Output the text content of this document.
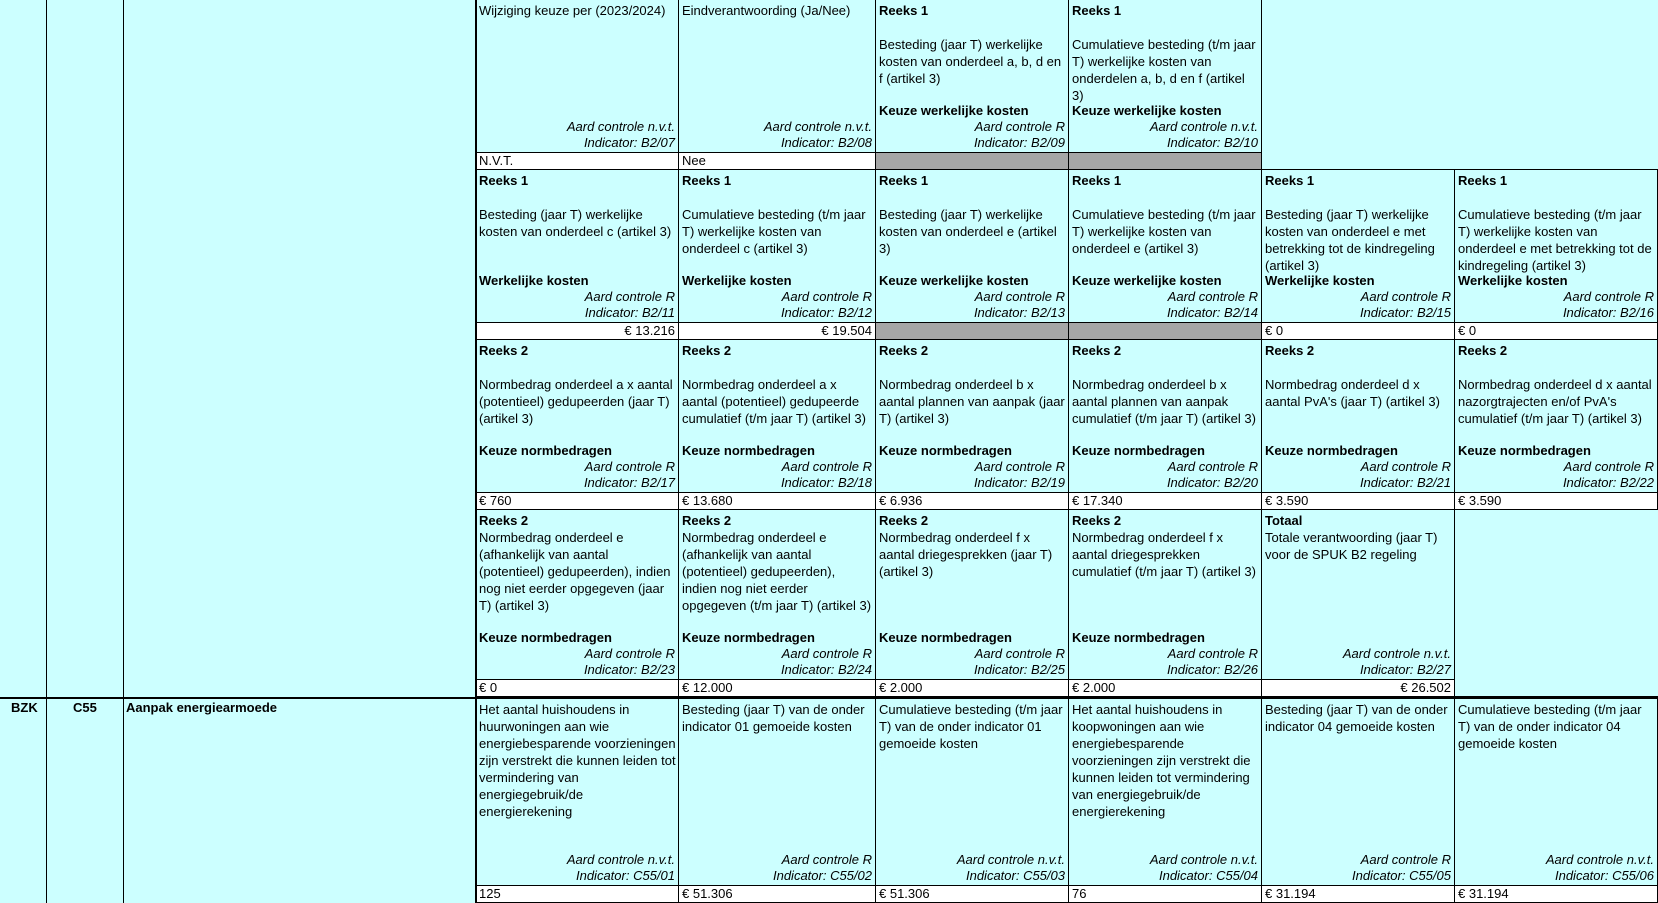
BZK	C55 Aanpak energiearmoede
Wijziging keuze per (2023/2024)
Aard controle n.v.t.
Indicator: B2/07
N.V.T.
Eindverantwoording (Ja/Nee)
Aard controle n.v.t.
Indicator: B2/08
Nee
Reeks 1
Besteding (jaar T) werkelijke kosten van onderdeel a, b, d en f (artikel 3)
Keuze werkelijke kosten
Aard controle R
Indicator: B2/09
Reeks 1
Cumulatieve besteding (t/m jaar T) werkelijke kosten van onderdelen a, b, d en f (artikel 3)
Keuze werkelijke kosten
Aard controle n.v.t.
Indicator: B2/10
Reeks 1
Besteding (jaar T) werkelijke kosten van onderdeel c (artikel 3)
Werkelijke kosten
Aard controle R
Indicator: B2/11
€ 13.216
Reeks 1
Cumulatieve besteding (t/m jaar T) werkelijke kosten van onderdeel c (artikel 3)
Werkelijke kosten
Aard controle R
Indicator: B2/12
€ 19.504
Reeks 1
Besteding (jaar T) werkelijke kosten van onderdeel e (artikel 3)
Keuze werkelijke kosten
Aard controle R
Indicator: B2/13
Reeks 1
Cumulatieve besteding (t/m jaar T) werkelijke kosten van onderdeel e (artikel 3)
Keuze werkelijke kosten
Aard controle R
Indicator: B2/14
Reeks 1
Besteding (jaar T) werkelijke kosten van onderdeel e met betrekking tot de kindregeling (artikel 3)
Werkelijke kosten
Aard controle R
Indicator: B2/15
€ 0
Reeks 1
Cumulatieve besteding (t/m jaar T) werkelijke kosten van onderdeel e met betrekking tot de kindregeling (artikel 3)
Werkelijke kosten
Aard controle R
Indicator: B2/16
€ 0
Reeks 2
Normbedrag onderdeel a x aantal (potentieel) gedupeerden (jaar T) (artikel 3)
Keuze normbedragen
Aard controle R
Indicator: B2/17
€ 760
Reeks 2
Normbedrag onderdeel a x aantal (potentieel) gedupeerde cumulatief (t/m jaar T) (artikel 3)
Keuze normbedragen
Aard controle R
Indicator: B2/18
€ 13.680
Reeks 2
Normbedrag onderdeel b x aantal plannen van aanpak (jaar T) (artikel 3)
Keuze normbedragen
Aard controle R
Indicator: B2/19
€ 6.936
Reeks 2
Normbedrag onderdeel b x aantal plannen van aanpak cumulatief (t/m jaar T) (artikel 3)
Keuze normbedragen
Aard controle R
Indicator: B2/20
€ 17.340
Reeks 2
Normbedrag onderdeel d x aantal PvA's (jaar T) (artikel 3)
Keuze normbedragen
Aard controle R
Indicator: B2/21
€ 3.590
Reeks 2
Normbedrag onderdeel d x aantal nazorgtrajecten en/of PvA's cumulatief (t/m jaar T) (artikel 3)
Keuze normbedragen
Aard controle R
Indicator: B2/22
€ 3.590
Reeks 2
Normbedrag onderdeel e (afhankelijk van aantal (potentieel) gedupeerden), indien nog niet eerder opgegeven (jaar T) (artikel 3)
Keuze normbedragen
Aard controle R
Indicator: B2/23
€ 0
Reeks 2
Normbedrag onderdeel e (afhankelijk van aantal (potentieel) gedupeerden), indien nog niet eerder opgegeven (t/m jaar T) (artikel 3)
Keuze normbedragen
Aard controle R
Indicator: B2/24
€ 12.000
Reeks 2
Normbedrag onderdeel f x aantal driegesprekken (jaar T) (artikel 3)
Keuze normbedragen
Aard controle R
Indicator: B2/25
€ 2.000
Reeks 2
Normbedrag onderdeel f x aantal driegesprekken cumulatief (t/m jaar T) (artikel 3)
Keuze normbedragen
Aard controle R
Indicator: B2/26
€ 2.000
Totaal
Totale verantwoording (jaar T) voor de SPUK B2 regeling
Aard controle n.v.t.
Indicator: B2/27
€ 26.502
Het aantal huishoudens in huurwoningen aan wie energiebesparende voorzieningen zijn verstrekt die kunnen leiden tot vermindering van energiegebruik/de energierekening
Aard controle n.v.t.
Indicator: C55/01
125
Besteding (jaar T) van de onder indicator 01 gemoeide kosten
Aard controle R
Indicator: C55/02
€ 51.306
Cumulatieve besteding (t/m jaar T) van de onder indicator 01 gemoeide kosten
Aard controle n.v.t.
Indicator: C55/03
€ 51.306
Het aantal huishoudens in koopwoningen aan wie energiebesparende voorzieningen zijn verstrekt die kunnen leiden tot vermindering van energiegebruik/de energierekening
Aard controle n.v.t.
Indicator: C55/04
76
Besteding (jaar T) van de onder indicator 04 gemoeide kosten
Aard controle R
Indicator: C55/05
€ 31.194
Cumulatieve besteding (t/m jaar T) van de onder indicator 04 gemoeide kosten
Aard controle n.v.t.
Indicator: C55/06
€ 31.194
